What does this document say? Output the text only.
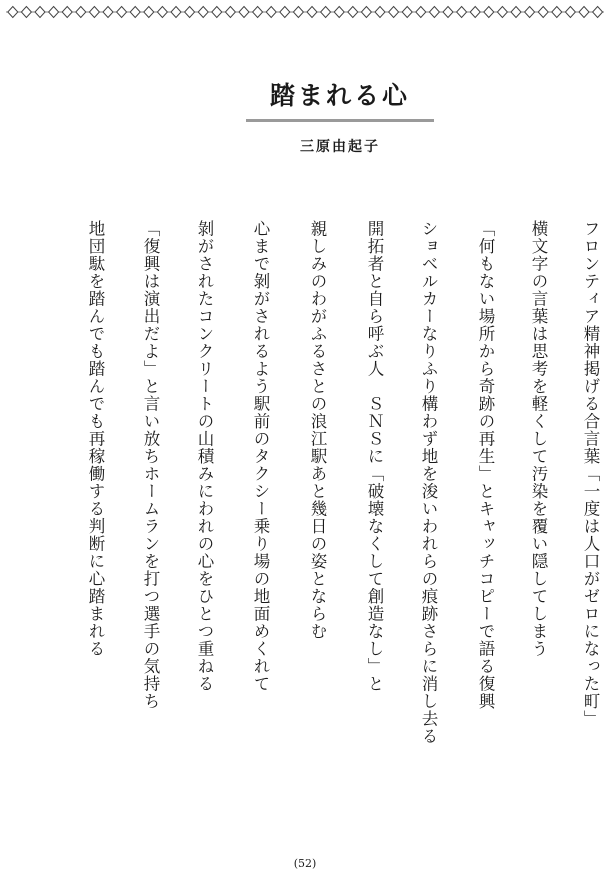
踏まれる心
三原由起子
フロンティア精神掲げる合言葉「一度は人口がゼロになった町」
横文字の言葉は思考を軽くして汚染を覆い隠してしまう
「何もない場所から奇跡の再生」とキャッチコピーで語る復興
ショベルカーなりふり構わず地を浚いわれらの痕跡さらに消し去る
開拓者と自ら呼ぶ人　ＳＮＳに「破壊なくして創造なし」と
親しみのわがふるさとの浪江駅あと幾日の姿とならむ
心まで剝がされるよう駅前のタクシー乗り場の地面めくれて
剝がされたコンクリートの山積みにわれの心をひとつ重ねる
「復興は演出だよ」と言い放ちホームランを打つ選手の気持ち
地団駄を踏んでも踏んでも再稼働する判断に心踏まれる
(52)
